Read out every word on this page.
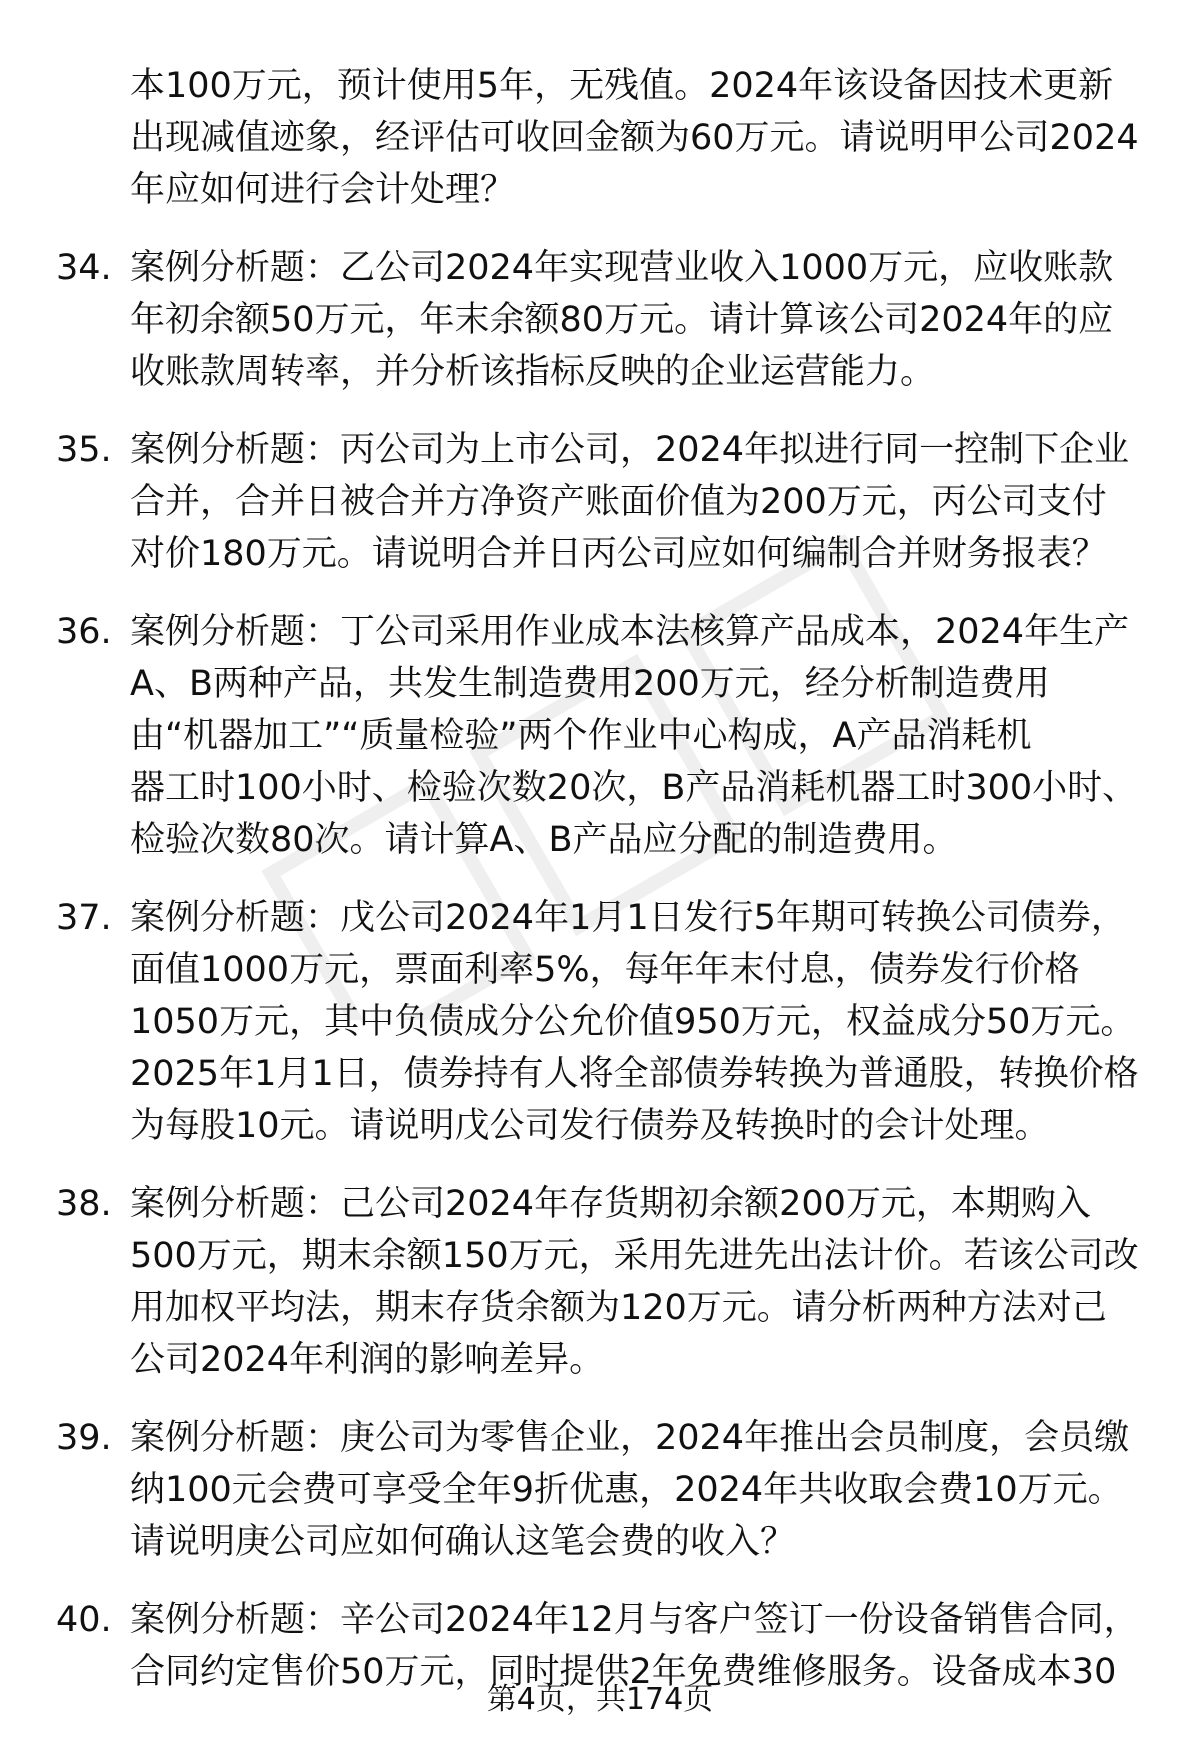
本100万元，预计使用5年，无残值。2024年该设备因技术更新
出现减值迹象，经评估可收回金额为60万元。请说明甲公司2024
年应如何进行会计处理？
34. 案例分析题：乙公司2024年实现营业收入1000万元，应收账款
年初余额50万元，年末余额80万元。请计算该公司2024年的应
收账款周转率，并分析该指标反映的企业运营能力。
35. 案例分析题：丙公司为上市公司，2024年拟进行同一控制下企业
合并，合并日被合并方净资产账面价值为200万元，丙公司支付
对价180万元。请说明合并日丙公司应如何编制合并财务报表？
36. 案例分析题：丁公司采用作业成本法核算产品成本，2024年生产
A、B两种产品，共发生制造费用200万元，经分析制造费用
由“机器加工”“质量检验”两个作业中心构成，A产品消耗机
器工时100小时、检验次数20次，B产品消耗机器工时300小时、
检验次数80次。请计算A、B产品应分配的制造费用。
37. 案例分析题：戊公司2024年1月1日发行5年期可转换公司债券，
面值1000万元，票面利率5%，每年年末付息，债券发行价格
1050万元，其中负债成分公允价值950万元，权益成分50万元。
2025年1月1日，债券持有人将全部债券转换为普通股，转换价格
为每股10元。请说明戊公司发行债券及转换时的会计处理。
38. 案例分析题：己公司2024年存货期初余额200万元，本期购入
500万元，期末余额150万元，采用先进先出法计价。若该公司改
用加权平均法，期末存货余额为120万元。请分析两种方法对己
公司2024年利润的影响差异。
39. 案例分析题：庚公司为零售企业，2024年推出会员制度，会员缴
纳100元会费可享受全年9折优惠，2024年共收取会费10万元。
请说明庚公司应如何确认这笔会费的收入？
40. 案例分析题：辛公司2024年12月与客户签订一份设备销售合同，
合同约定售价50万元，同时提供2年免费维修服务。设备成本30
第4页，共174页
